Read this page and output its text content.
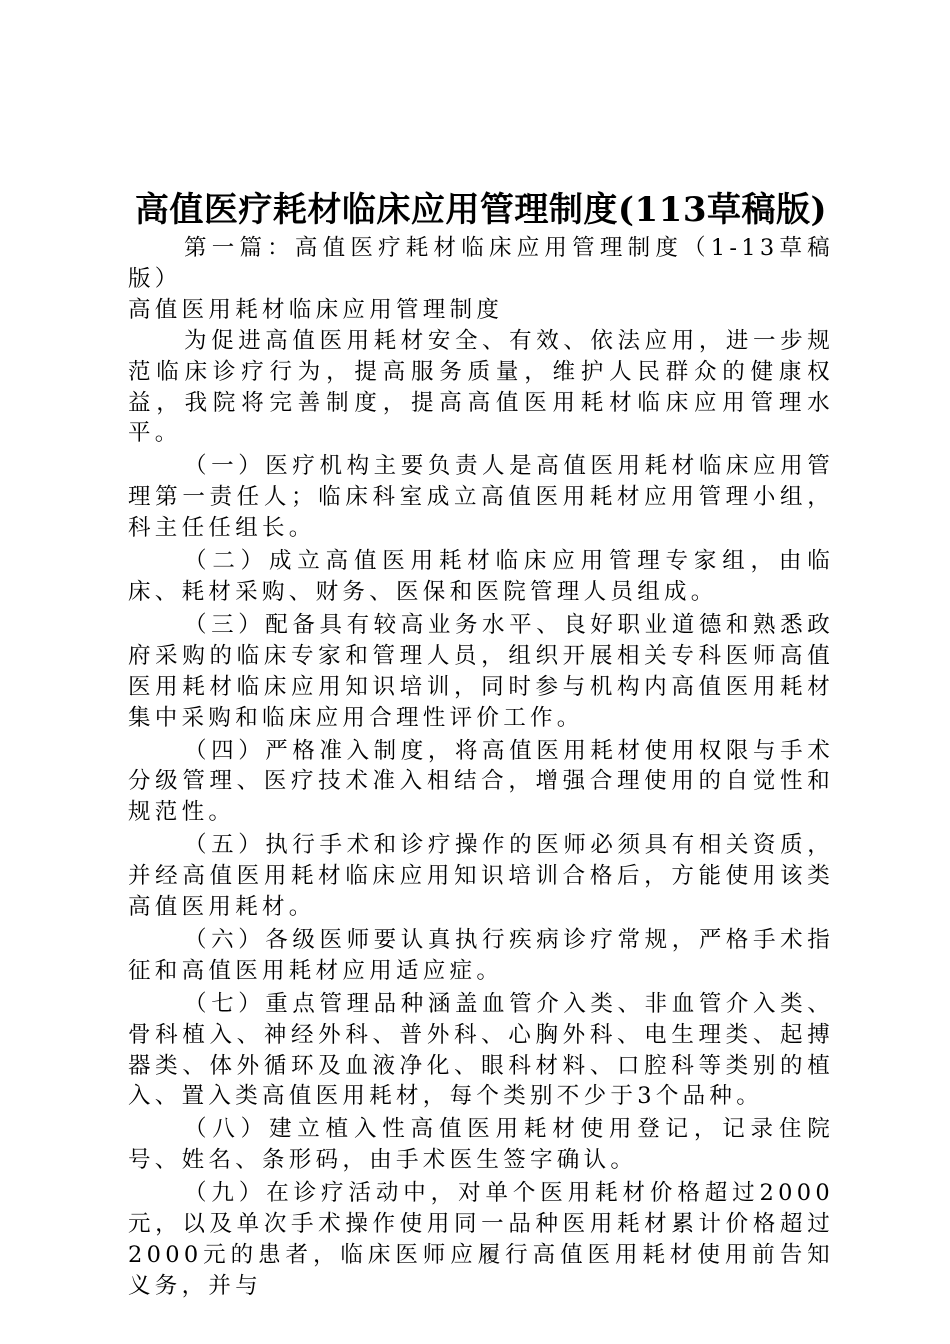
高值医疗耗材临床应用管理制度(113草稿版)

第一篇：高值医疗耗材临床应用管理制度（1-13草稿版）

高值医用耗材临床应用管理制度

为促进高值医用耗材安全、有效、依法应用，进一步规范临床诊疗行为，提高服务质量，维护人民群众的健康权益，我院将完善制度，提高高值医用耗材临床应用管理水平。

（一）医疗机构主要负责人是高值医用耗材临床应用管理第一责任人；临床科室成立高值医用耗材应用管理小组，科主任任组长。

（二）成立高值医用耗材临床应用管理专家组，由临床、耗材采购、财务、医保和医院管理人员组成。

（三）配备具有较高业务水平、良好职业道德和熟悉政府采购的临床专家和管理人员，组织开展相关专科医师高值医用耗材临床应用知识培训，同时参与机构内高值医用耗材集中采购和临床应用合理性评价工作。

（四）严格准入制度，将高值医用耗材使用权限与手术分级管理、医疗技术准入相结合，增强合理使用的自觉性和规范性。

（五）执行手术和诊疗操作的医师必须具有相关资质，并经高值医用耗材临床应用知识培训合格后，方能使用该类高值医用耗材。

（六）各级医师要认真执行疾病诊疗常规，严格手术指征和高值医用耗材应用适应症。

（七）重点管理品种涵盖血管介入类、非血管介入类、骨科植入、神经外科、普外科、心胸外科、电生理类、起搏器类、体外循环及血液净化、眼科材料、口腔科等类别的植入、置入类高值医用耗材，每个类别不少于3个品种。

（八）建立植入性高值医用耗材使用登记，记录住院号、姓名、条形码，由手术医生签字确认。

（九）在诊疗活动中，对单个医用耗材价格超过2000元，以及单次手术操作使用同一品种医用耗材累计价格超过2000元的患者，临床医师应履行高值医用耗材使用前告知义务，并与
